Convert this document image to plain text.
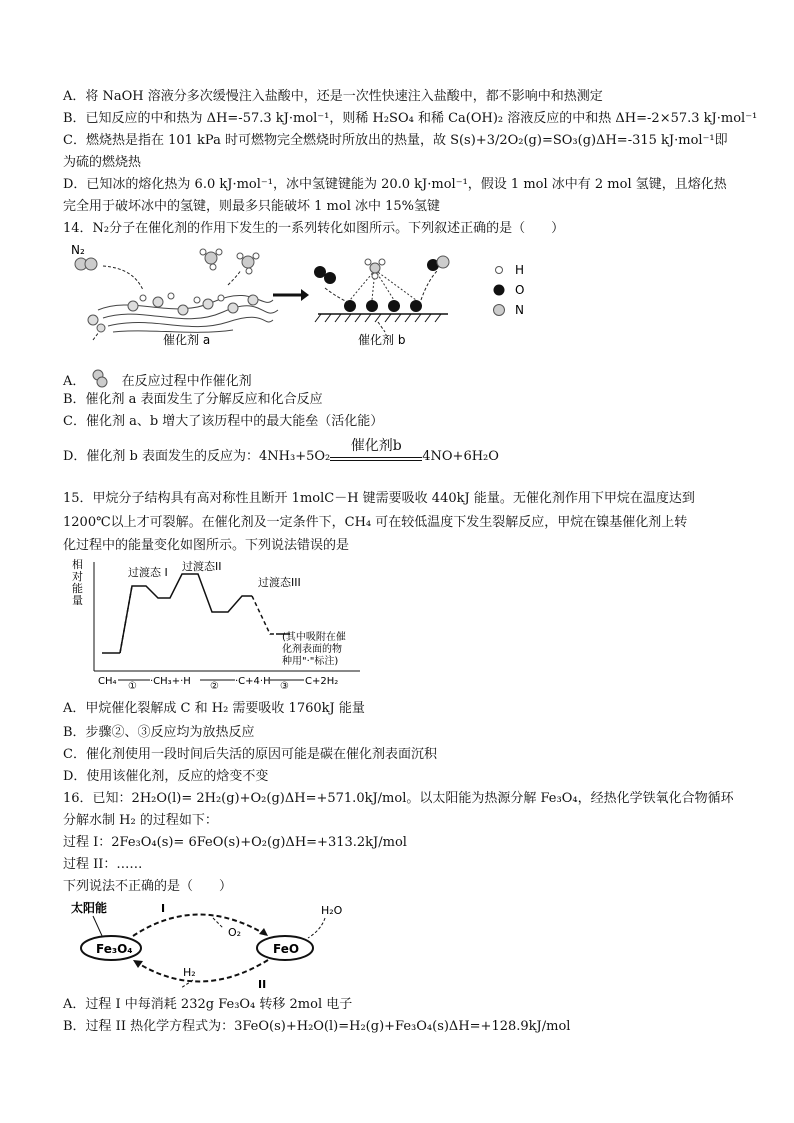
A．将 NaOH 溶液分多次缓慢注入盐酸中，还是一次性快速注入盐酸中，都不影响中和热测定
B．已知反应的中和热为 ΔH=-57.3 kJ·mol⁻¹，则稀 H₂SO₄ 和稀 Ca(OH)₂ 溶液反应的中和热 ΔH=-2×57.3 kJ·mol⁻¹
C．燃烧热是指在 101 kPa 时可燃物完全燃烧时所放出的热量，故 S(s)+3/2O₂(g)=SO₃(g)ΔH=-315 kJ·mol⁻¹即
为硫的燃烧热
D．已知冰的熔化热为 6.0 kJ·mol⁻¹，冰中氢键键能为 20.0 kJ·mol⁻¹，假设 1 mol 冰中有 2 mol 氢键，且熔化热
完全用于破坏冰中的氢键，则最多只能破坏 1 mol 冰中 15%氢键
14．N₂分子在催化剂的作用下发生的一系列转化如图所示。下列叙述正确的是（　　）
N₂
催化剂 a	催化剂 b
H
O
N
A．	在反应过程中作催化剂
B．催化剂 a 表面发生了分解反应和化合反应
C．催化剂 a、b 增大了该历程中的最大能垒（活化能）
D．催化剂 b 表面发生的反应为：4NH₃+5O₂
催化剂b
4NO+6H₂O
15．甲烷分子结构具有高对称性且断开 1molC－H 键需要吸收 440kJ 能量。无催化剂作用下甲烷在温度达到
1200℃以上才可裂解。在催化剂及一定条件下，CH₄ 可在较低温度下发生裂解反应，甲烷在镍基催化剂上转
化过程中的能量变化如图所示。下列说法错误的是
相
对
能
量
过渡态 I 过渡态II
过渡态III
(其中吸附在催
化剂表面的物
种用"·"标注)
CH₄	·CH₃+·H	·C+4·H	C+2H₂
①	②	③
A．甲烷催化裂解成 C 和 H₂ 需要吸收 1760kJ 能量
B．步骤②、③反应均为放热反应
C．催化剂使用一段时间后失活的原因可能是碳在催化剂表面沉积
D．使用该催化剂，反应的焓变不变
16．已知：2H₂O(l)= 2H₂(g)+O₂(g)ΔH=+571.0kJ/mol。以太阳能为热源分解 Fe₃O₄，经热化学铁氧化合物循环
分解水制 H₂ 的过程如下：
过程 I：2Fe₃O₄(s)= 6FeO(s)+O₂(g)ΔH=+313.2kJ/mol
过程 II：……
下列说法不正确的是（　　）
太阳能
Fe₃O₄	FeO
I
O₂
H₂O
II
H₂
A．过程 I 中每消耗 232g Fe₃O₄ 转移 2mol 电子
B．过程 II 热化学方程式为：3FeO(s)+H₂O(l)=H₂(g)+Fe₃O₄(s)ΔH=+128.9kJ/mol
